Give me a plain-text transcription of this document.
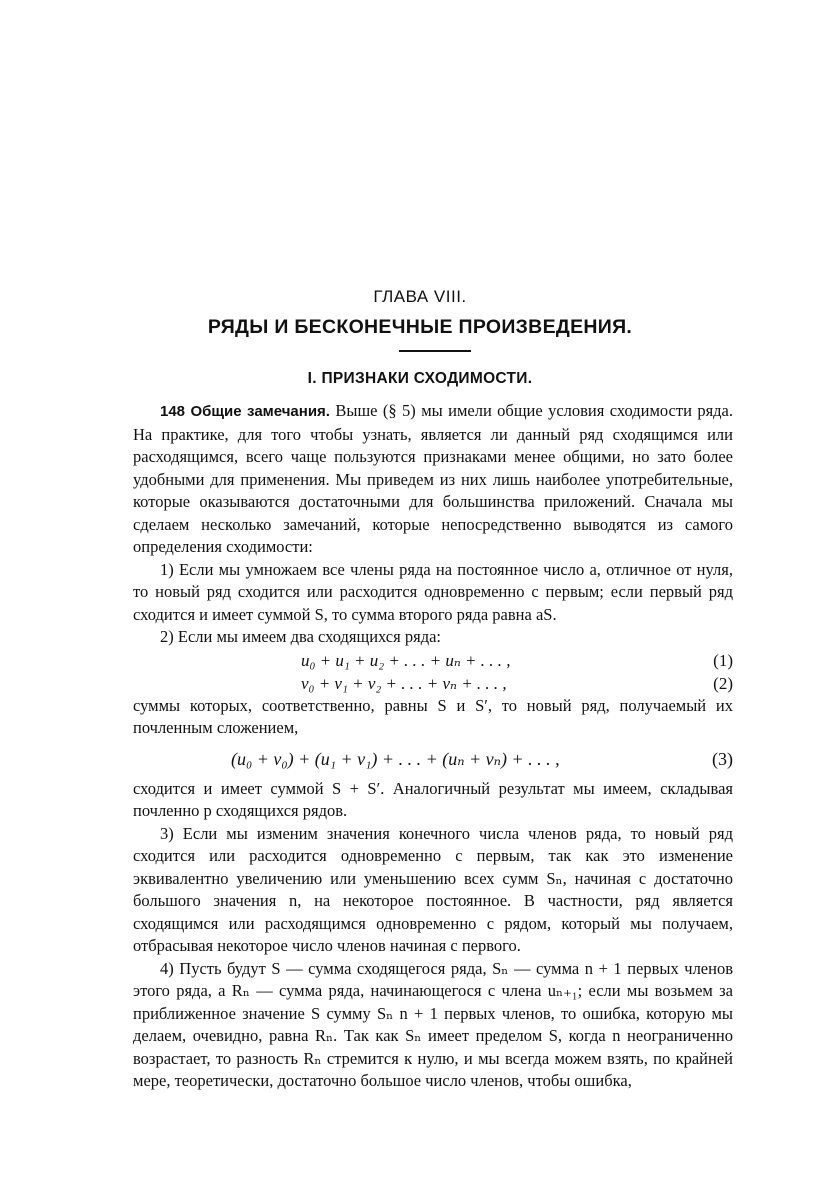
ГЛАВА VIII.
РЯДЫ И БЕСКОНЕЧНЫЕ ПРОИЗВЕДЕНИЯ.
I. ПРИЗНАКИ СХОДИМОСТИ.

148 Общие замечания. Выше (§ 5) мы имели общие условия сходимости ряда. На практике, для того чтобы узнать, является ли данный ряд сходящимся или расходящимся, всего чаще пользуются признаками менее общими, но зато более удобными для применения. Мы приведем из них лишь наиболее употребительные, которые оказываются достаточными для большинства приложений. Сначала мы сделаем несколько замечаний, которые непосредственно выводятся из самого определения сходимости:

1) Если мы умножаем все члены ряда на постоянное число a, отличное от нуля, то новый ряд сходится или расходится одновременно с первым; если первый ряд сходится и имеет суммой S, то сумма второго ряда равна aS.

2) Если мы имеем два сходящихся ряда:

u₀ + u₁ + u₂ + . . . + uₙ + . . . ,	(1)
v₀ + v₁ + v₂ + . . . + vₙ + . . . ,	(2)

суммы которых, соответственно, равны S и S′, то новый ряд, получаемый их почленным сложением,

(u₀ + v₀) + (u₁ + v₁) + . . . + (uₙ + vₙ) + . . . ,	(3)

сходится и имеет суммой S + S′. Аналогичный результат мы имеем, складывая почленно p сходящихся рядов.

3) Если мы изменим значения конечного числа членов ряда, то новый ряд сходится или расходится одновременно с первым, так как это изменение эквивалентно увеличению или уменьшению всех сумм Sₙ, начиная с достаточно большого значения n, на некоторое постоянное. В частности, ряд является сходящимся или расходящимся одновременно с рядом, который мы получаем, отбрасывая некоторое число членов начиная с первого.

4) Пусть будут S — сумма сходящегося ряда, Sₙ — сумма n + 1 первых членов этого ряда, а Rₙ — сумма ряда, начинающегося с члена uₙ₊₁; если мы возьмем за приближенное значение S сумму Sₙ n + 1 первых членов, то ошибка, которую мы делаем, очевидно, равна Rₙ. Так как Sₙ имеет пределом S, когда n неограниченно возрастает, то разность Rₙ стремится к нулю, и мы всегда можем взять, по крайней мере, теоретически, достаточно большое число членов, чтобы ошибка,
